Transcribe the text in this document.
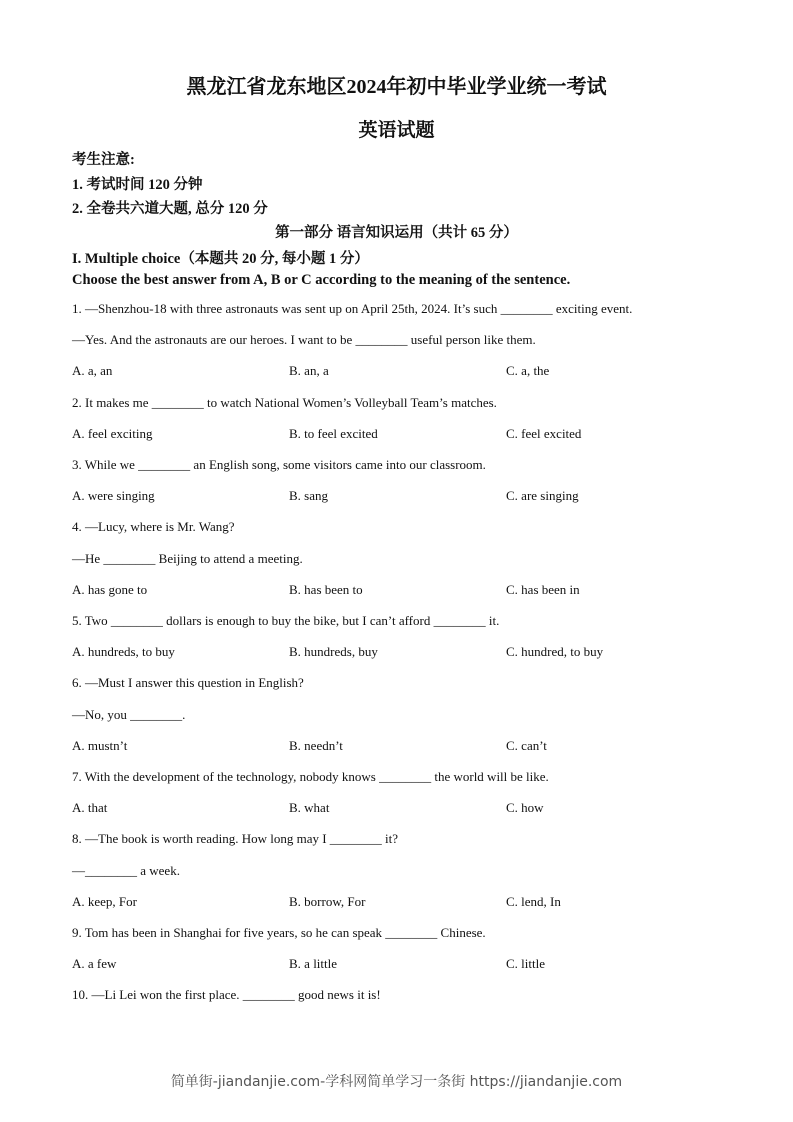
黑龙江省龙东地区2024年初中毕业学业统一考试
英语试题
考生注意:
1. 考试时间 120 分钟
2. 全卷共六道大题, 总分 120 分
第一部分 语言知识运用（共计 65 分）
I. Multiple choice（本题共 20 分, 每小题 1 分）
Choose the best answer from A, B or C according to the meaning of the sentence.
1. —Shenzhou-18 with three astronauts was sent up on April 25th, 2024. It’s such ________ exciting event.
—Yes. And the astronauts are our heroes. I want to be ________ useful person like them.
A. a, an	B. an, a	C. a, the
2. It makes me ________ to watch National Women’s Volleyball Team’s matches.
A. feel exciting	B. to feel excited	C. feel excited
3. While we ________ an English song, some visitors came into our classroom.
A. were singing	B. sang	C. are singing
4. —Lucy, where is Mr. Wang?
—He ________ Beijing to attend a meeting.
A. has gone to	B. has been to	C. has been in
5. Two ________ dollars is enough to buy the bike, but I can’t afford ________ it.
A. hundreds, to buy	B. hundreds, buy	C. hundred, to buy
6. —Must I answer this question in English?
—No, you ________.
A. mustn’t	B. needn’t	C. can’t
7. With the development of the technology, nobody knows ________ the world will be like.
A. that	B. what	C. how
8. —The book is worth reading. How long may I ________ it?
—________ a week.
A. keep, For	B. borrow, For	C. lend, In
9. Tom has been in Shanghai for five years, so he can speak ________ Chinese.
A. a few	B. a little	C. little
10. —Li Lei won the first place. ________ good news it is!
简单街-jiandanjie.com-学科网简单学习一条街 https://jiandanjie.com
